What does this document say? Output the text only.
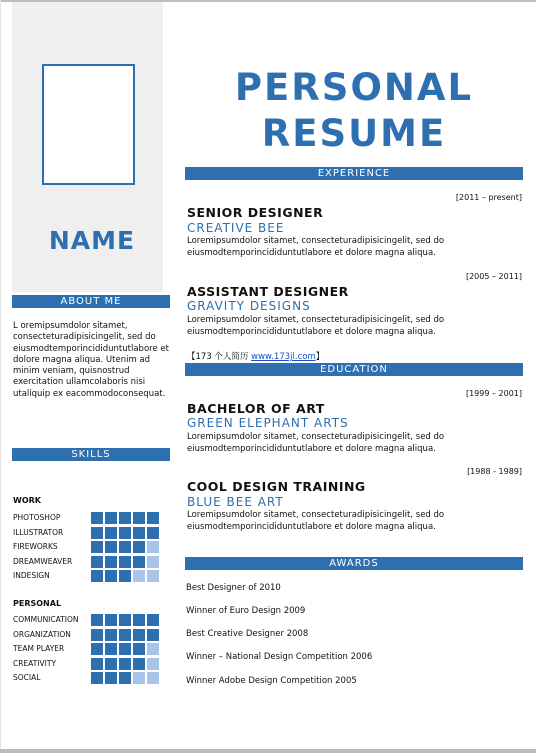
NAME
ABOUT ME
L oremipsumdolor sitamet, consecteturadipisicingelit, sed do eiusmodtemporincididuntutlabore et dolore magna aliqua. Utenim ad minim veniam, quisnostrud exercitation ullamcolaboris nisi utaliquip ex eacommodoconsequat.
SKILLS
WORK
PHOTOSHOP
ILLUSTRATOR
FIREWORKS
DREAMWEAVER
INDESIGN
PERSONAL
COMMUNICATION
ORGANIZATION
TEAM PLAYER
CREATIVITY
SOCIAL
PERSONAL
RESUME
EXPERIENCE
[2011 – present]
SENIOR DESIGNER
CREATIVE BEE
Loremipsumdolor sitamet, consecteturadipisicingelit, sed do
eiusmodtemporincididuntutlabore et dolore magna aliqua.
[2005 – 2011]
ASSISTANT DESIGNER
GRAVITY DESIGNS
Loremipsumdolor sitamet, consecteturadipisicingelit, sed do
eiusmodtemporincididuntutlabore et dolore magna aliqua.
【173 个人简历 www.173jl.com】
EDUCATION
[1999 – 2001]
BACHELOR OF ART
GREEN ELEPHANT ARTS
Loremipsumdolor sitamet, consecteturadipisicingelit, sed do
eiusmodtemporincididuntutlabore et dolore magna aliqua.
[1988 - 1989]
COOL DESIGN TRAINING
BLUE BEE ART
Loremipsumdolor sitamet, consecteturadipisicingelit, sed do
eiusmodtemporincididuntutlabore et dolore magna aliqua.
AWARDS
Best Designer of 2010
Winner of Euro Design 2009
Best Creative Designer 2008
Winner – National Design Competition 2006
Winner Adobe Design Competition 2005
